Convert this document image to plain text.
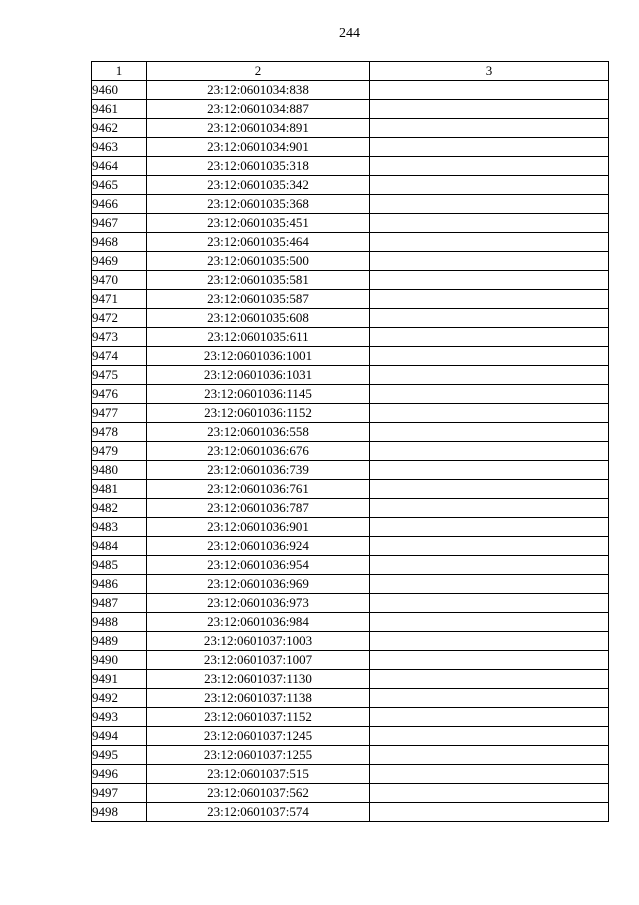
244
1	2	3
9460	23:12:0601034:838	
9461	23:12:0601034:887	
9462	23:12:0601034:891	
9463	23:12:0601034:901	
9464	23:12:0601035:318	
9465	23:12:0601035:342	
9466	23:12:0601035:368	
9467	23:12:0601035:451	
9468	23:12:0601035:464	
9469	23:12:0601035:500	
9470	23:12:0601035:581	
9471	23:12:0601035:587	
9472	23:12:0601035:608	
9473	23:12:0601035:611	
9474	23:12:0601036:1001	
9475	23:12:0601036:1031	
9476	23:12:0601036:1145	
9477	23:12:0601036:1152	
9478	23:12:0601036:558	
9479	23:12:0601036:676	
9480	23:12:0601036:739	
9481	23:12:0601036:761	
9482	23:12:0601036:787	
9483	23:12:0601036:901	
9484	23:12:0601036:924	
9485	23:12:0601036:954	
9486	23:12:0601036:969	
9487	23:12:0601036:973	
9488	23:12:0601036:984	
9489	23:12:0601037:1003	
9490	23:12:0601037:1007	
9491	23:12:0601037:1130	
9492	23:12:0601037:1138	
9493	23:12:0601037:1152	
9494	23:12:0601037:1245	
9495	23:12:0601037:1255	
9496	23:12:0601037:515	
9497	23:12:0601037:562	
9498	23:12:0601037:574	
